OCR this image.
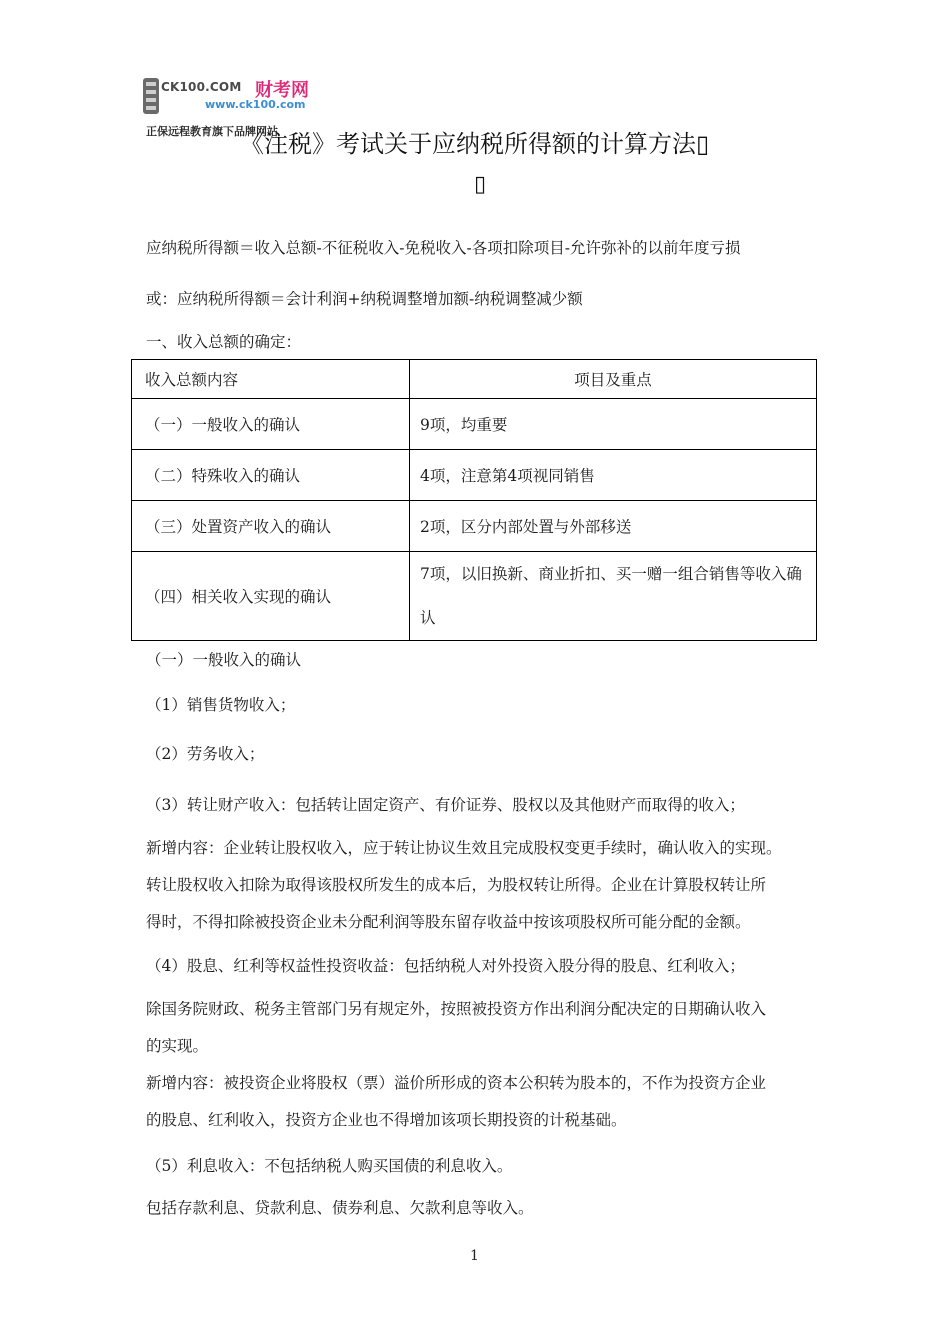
CK100.COM 财考网
www.ck100.com
正保远程教育旗下品牌网站
《注税》考试关于应纳税所得额的计算方法▯
▯
应纳税所得额＝收入总额-不征税收入-免税收入-各项扣除项目-允许弥补的以前年度亏损
或：应纳税所得额＝会计利润+纳税调整增加额-纳税调整减少额
一、收入总额的确定：
收入总额内容	项目及重点
（一）一般收入的确认	9项，均重要
（二）特殊收入的确认	4项，注意第4项视同销售
（三）处置资产收入的确认	2项，区分内部处置与外部移送
（四）相关收入实现的确认	7项，以旧换新、商业折扣、买一赠一组合销售等收入确认
（一）一般收入的确认
（1）销售货物收入；
（2）劳务收入；
（3）转让财产收入：包括转让固定资产、有价证券、股权以及其他财产而取得的收入；
新增内容：企业转让股权收入，应于转让协议生效且完成股权变更手续时，确认收入的实现。
转让股权收入扣除为取得该股权所发生的成本后，为股权转让所得。企业在计算股权转让所
得时，不得扣除被投资企业未分配利润等股东留存收益中按该项股权所可能分配的金额。
（4）股息、红利等权益性投资收益：包括纳税人对外投资入股分得的股息、红利收入；
除国务院财政、税务主管部门另有规定外，按照被投资方作出利润分配决定的日期确认收入
的实现。
新增内容：被投资企业将股权（票）溢价所形成的资本公积转为股本的，不作为投资方企业
的股息、红利收入，投资方企业也不得增加该项长期投资的计税基础。
（5）利息收入：不包括纳税人购买国债的利息收入。
包括存款利息、贷款利息、债券利息、欠款利息等收入。
1
